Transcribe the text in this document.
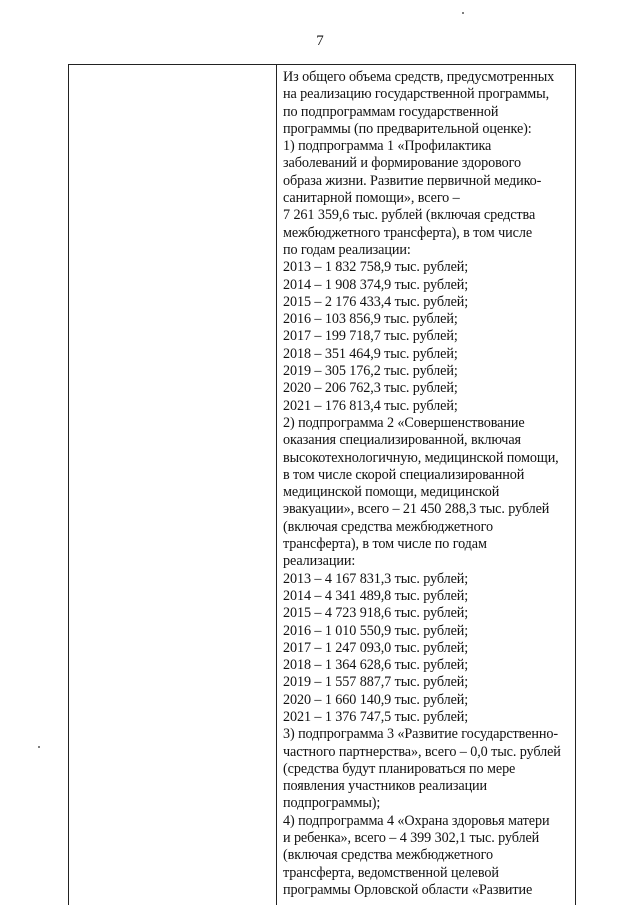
7
Из общего объема средств, предусмотренных
на реализацию государственной программы,
по подпрограммам государственной
программы (по предварительной оценке):
1) подпрограмма 1 «Профилактика
заболеваний и формирование здорового
образа жизни. Развитие первичной медико-
санитарной помощи», всего –
7 261 359,6 тыс. рублей (включая средства
межбюджетного трансферта), в том числе
по годам реализации:
2013 – 1 832 758,9 тыс. рублей;
2014 – 1 908 374,9 тыс. рублей;
2015 – 2 176 433,4 тыс. рублей;
2016 – 103 856,9 тыс. рублей;
2017 – 199 718,7 тыс. рублей;
2018 – 351 464,9 тыс. рублей;
2019 – 305 176,2 тыс. рублей;
2020 – 206 762,3 тыс. рублей;
2021 – 176 813,4 тыс. рублей;
2) подпрограмма 2 «Совершенствование
оказания специализированной, включая
высокотехнологичную, медицинской помощи,
в том числе скорой специализированной
медицинской помощи, медицинской
эвакуации», всего – 21 450 288,3 тыс. рублей
(включая средства межбюджетного
трансферта), в том числе по годам
реализации:
2013 – 4 167 831,3 тыс. рублей;
2014 – 4 341 489,8 тыс. рублей;
2015 – 4 723 918,6 тыс. рублей;
2016 – 1 010 550,9 тыс. рублей;
2017 – 1 247 093,0 тыс. рублей;
2018 – 1 364 628,6 тыс. рублей;
2019 – 1 557 887,7 тыс. рублей;
2020 – 1 660 140,9 тыс. рублей;
2021 – 1 376 747,5 тыс. рублей;
3) подпрограмма 3 «Развитие государственно-
частного партнерства», всего – 0,0 тыс. рублей
(средства будут планироваться по мере
появления участников реализации
подпрограммы);
4) подпрограмма 4 «Охрана здоровья матери
и ребенка», всего – 4 399 302,1 тыс. рублей
(включая средства межбюджетного
трансферта, ведомственной целевой
программы Орловской области «Развитие
